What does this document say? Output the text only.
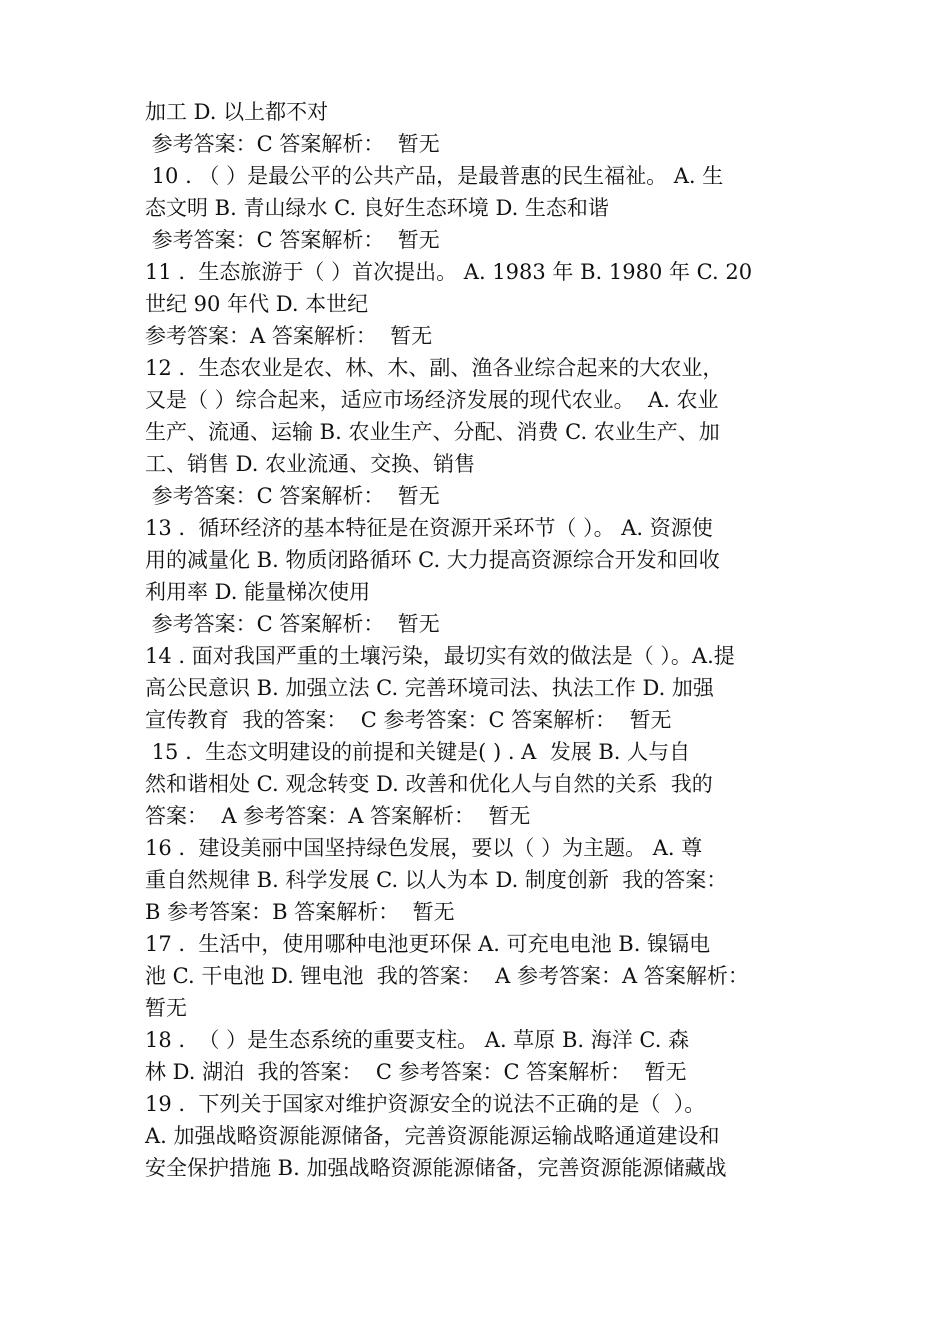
加工 D. 以上都不对
参考答案：C 答案解析：  暂无
10 . （ ）是最公平的公共产品，是最普惠的民生福祉。 A. 生
态文明 B. 青山绿水 C. 良好生态环境 D. 生态和谐
参考答案：C 答案解析：  暂无
11 .  生态旅游于（ ）首次提出。 A. 1983 年 B. 1980 年 C. 20
世纪 90 年代 D. 本世纪
参考答案：A 答案解析：  暂无
12 .  生态农业是农、林、木、副、渔各业综合起来的大农业，
又是（ ）综合起来，适应市场经济发展的现代农业。  A. 农业
生产、流通、运输 B. 农业生产、分配、消费 C. 农业生产、加
工、销售 D. 农业流通、交换、销售
参考答案：C 答案解析：  暂无
13 .  循环经济的基本特征是在资源开采环节（ ）。 A. 资源使
用的减量化 B. 物质闭路循环 C. 大力提高资源综合开发和回收
利用率 D. 能量梯次使用
参考答案：C 答案解析：  暂无
14 . 面对我国严重的土壤污染，最切实有效的做法是（ ）。A.提
高公民意识 B. 加强立法 C. 完善环境司法、执法工作 D. 加强
宣传教育  我的答案：  C 参考答案：C 答案解析：  暂无
15 .  生态文明建设的前提和关键是( ) . A  发展 B. 人与自
然和谐相处 C. 观念转变 D. 改善和优化人与自然的关系  我的
答案：  A 参考答案：A 答案解析：  暂无
16 .  建设美丽中国坚持绿色发展，要以（ ）为主题。 A. 尊
重自然规律 B. 科学发展 C. 以人为本 D. 制度创新  我的答案：
B 参考答案：B 答案解析：  暂无
17 .  生活中，使用哪种电池更环保 A. 可充电电池 B. 镍镉电
池 C. 干电池 D. 锂电池  我的答案：  A 参考答案：A 答案解析：
暂无
18 .  （ ）是生态系统的重要支柱。 A. 草原 B. 海洋 C. 森
林 D. 湖泊  我的答案：  C 参考答案：C 答案解析：  暂无
19 .  下列关于国家对维护资源安全的说法不正确的是（  ）。
A. 加强战略资源能源储备，完善资源能源运输战略通道建设和
安全保护措施 B. 加强战略资源能源储备，完善资源能源储藏战
